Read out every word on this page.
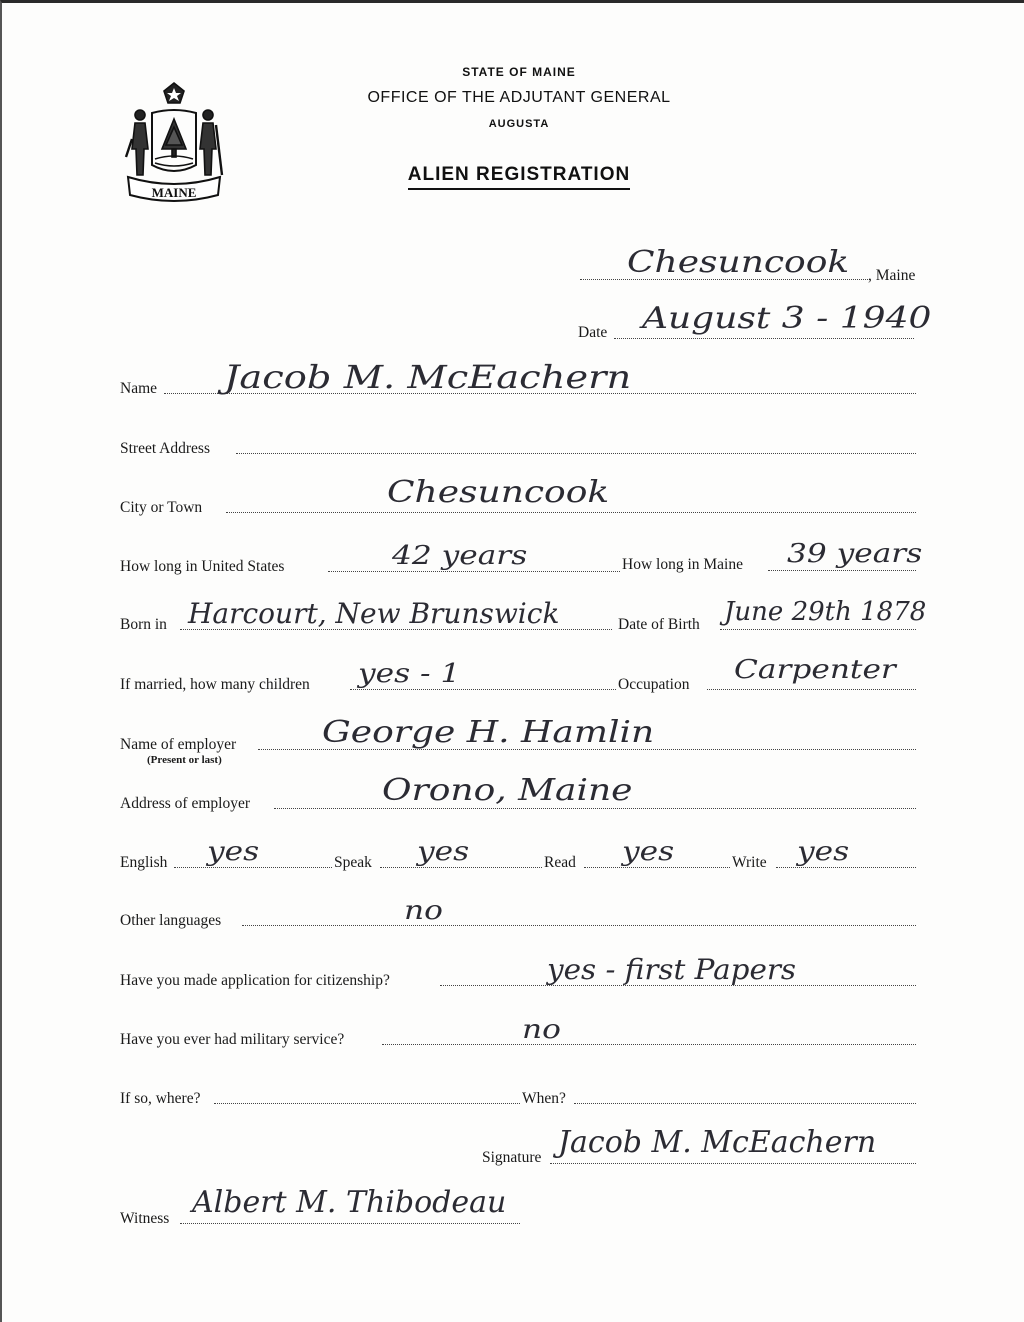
MAINE
STATE OF MAINE
OFFICE OF THE ADJUTANT GENERAL
AUGUSTA
ALIEN REGISTRATION
Chesuncook , Maine
Date August 3 - 1940
Name Jacob M. McEachern
Street Address
City or Town	Chesuncook
How long in United States	42 years	How long in Maine 39 years
Born in Harcourt, New Brunswick	Date of Birth June 29th 1878
If married, how many children yes - 1	Occupation Carpenter
Name of employer
(Present or last)
George H. Hamlin
Address of employer	Orono, Maine
English yes	Speak yes	Read yes	Write yes
Other languages	no
Have you made application for citizenship?	yes - first Papers
Have you ever had military service?	no
If so, where?	When?
Signature Jacob M. McEachern
Witness Albert M. Thibodeau
